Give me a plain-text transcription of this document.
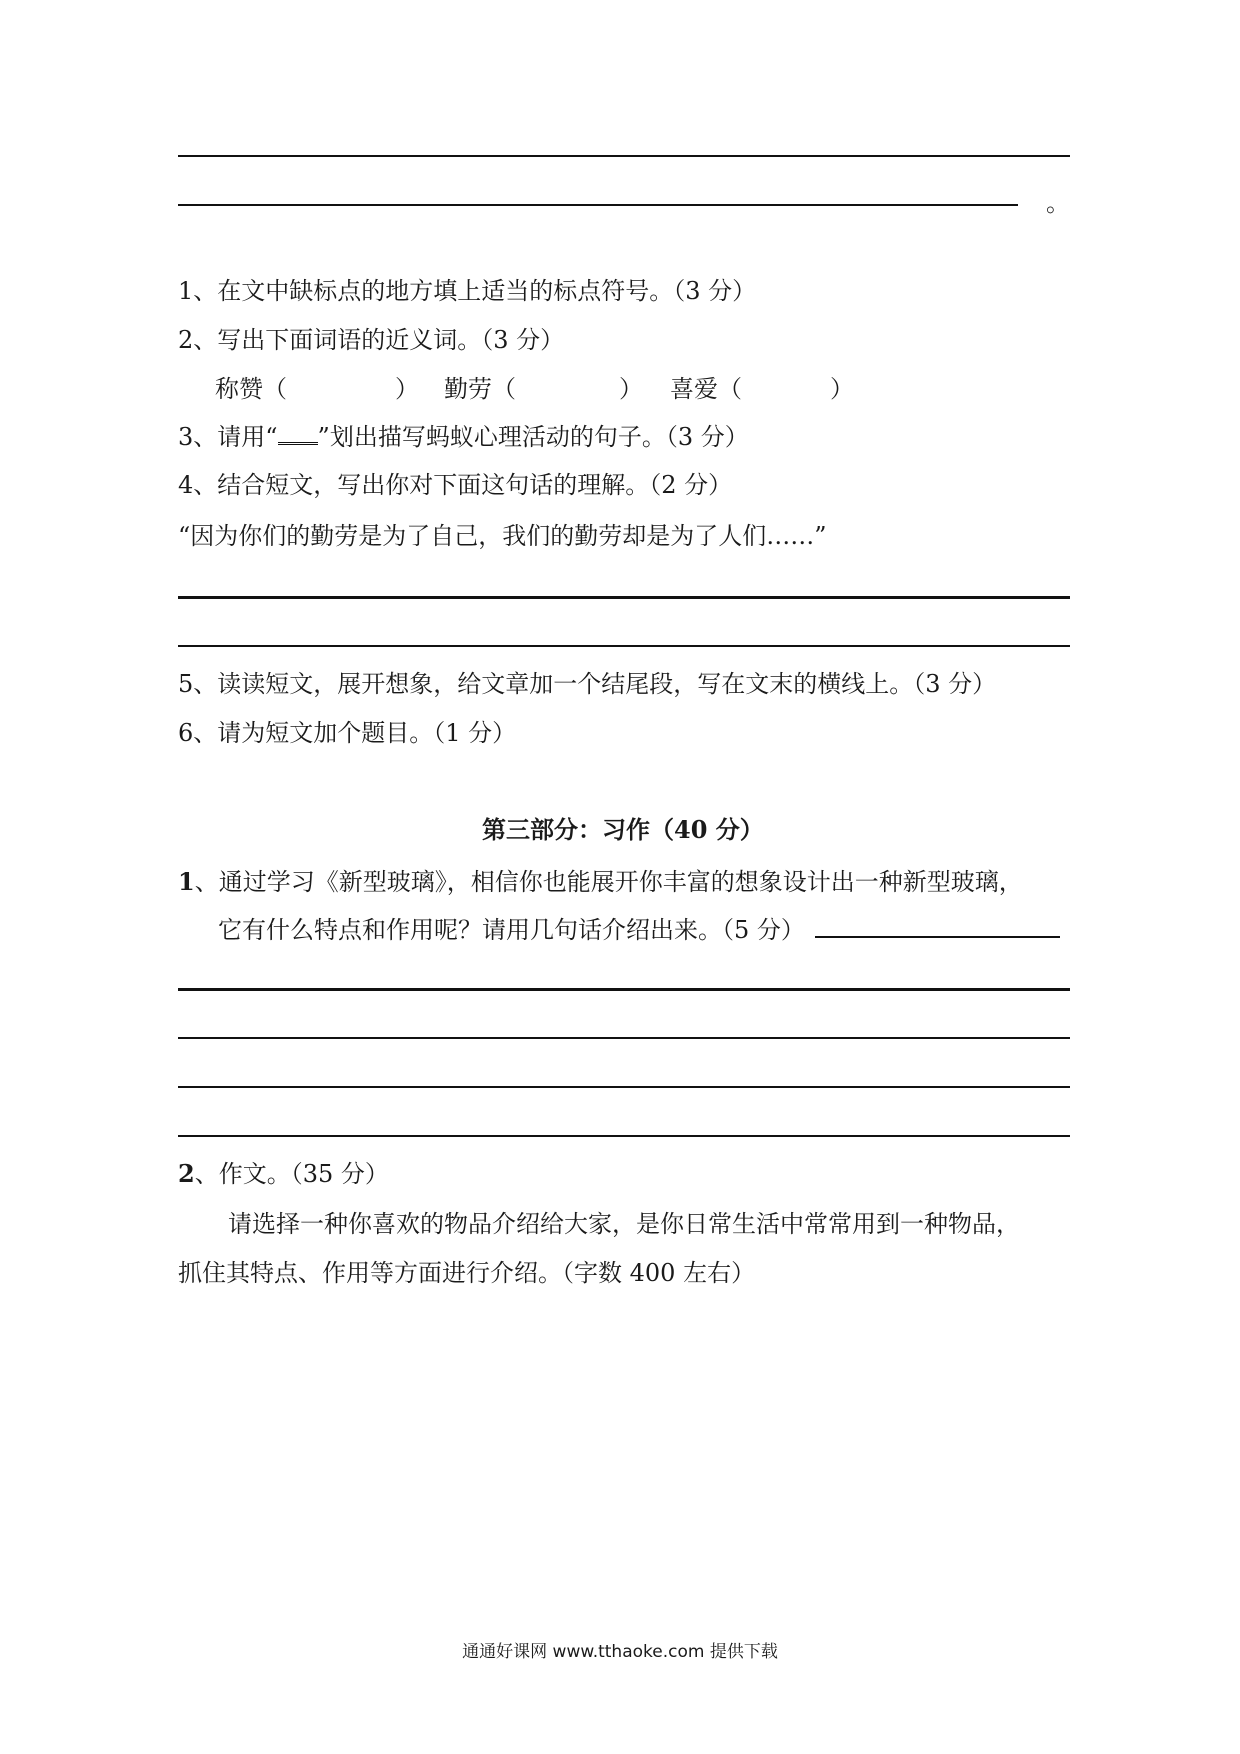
。
1、在文中缺标点的地方填上适当的标点符号。（3 分）
2、写出下面词语的近义词。（3 分）
称赞（	） 勤劳（	） 喜爱（	）
3、请用“ ”划出描写蚂蚁心理活动的句子。（3 分）
4、结合短文，写出你对下面这句话的理解。（2 分）
“因为你们的勤劳是为了自己，我们的勤劳却是为了人们……”
5、读读短文，展开想象，给文章加一个结尾段，写在文末的横线上。（3 分）
6、请为短文加个题目。（1 分）
第三部分：习作（40 分）
1、通过学习《新型玻璃》，相信你也能展开你丰富的想象设计出一种新型玻璃，
它有什么特点和作用呢？请用几句话介绍出来。（5 分）
2、作文。（35 分）
请选择一种你喜欢的物品介绍给大家，是你日常生活中常常用到一种物品，
抓住其特点、作用等方面进行介绍。（字数 400 左右）
通通好课网 www.tthaoke.com 提供下载
